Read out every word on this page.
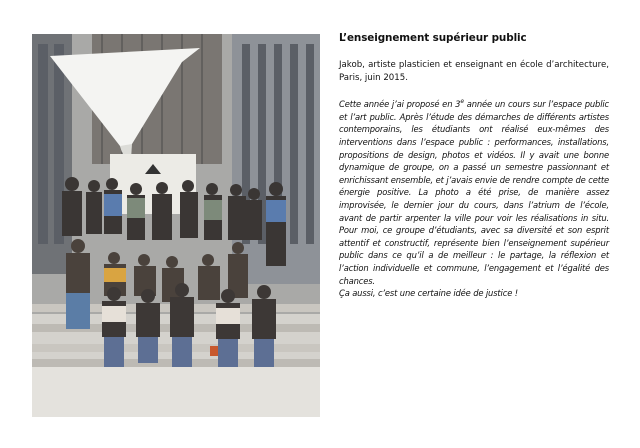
L’enseignement supérieur public

Jakob, artiste plasticien et enseignant en école d’architecture, Paris, juin 2015.

Cette année j’ai proposé en 3e année un cours sur l’espace public et l’art public. Après l’étude des démarches de différents artistes contemporains, les étudiants ont réalisé eux-mêmes des interventions dans l’espace public : performances, installations, propositions de design, photos et vidéos. Il y avait une bonne dynamique de groupe, on a passé un semestre passionnant et enrichissant ensemble, et j’avais envie de rendre compte de cette énergie positive. La photo a été prise, de manière assez improvisée, le dernier jour du cours, dans l’atrium de l’école, avant de partir arpenter la ville pour voir les réalisations in situ. Pour moi, ce groupe d’étudiants, avec sa diversité et son esprit attentif et constructif, représente bien l’enseignement supérieur public dans ce qu’il a de meilleur : le partage, la réflexion et l’action individuelle et commune, l’engagement et l’égalité des chances.
Ça aussi, c’est une certaine idée de justice !
